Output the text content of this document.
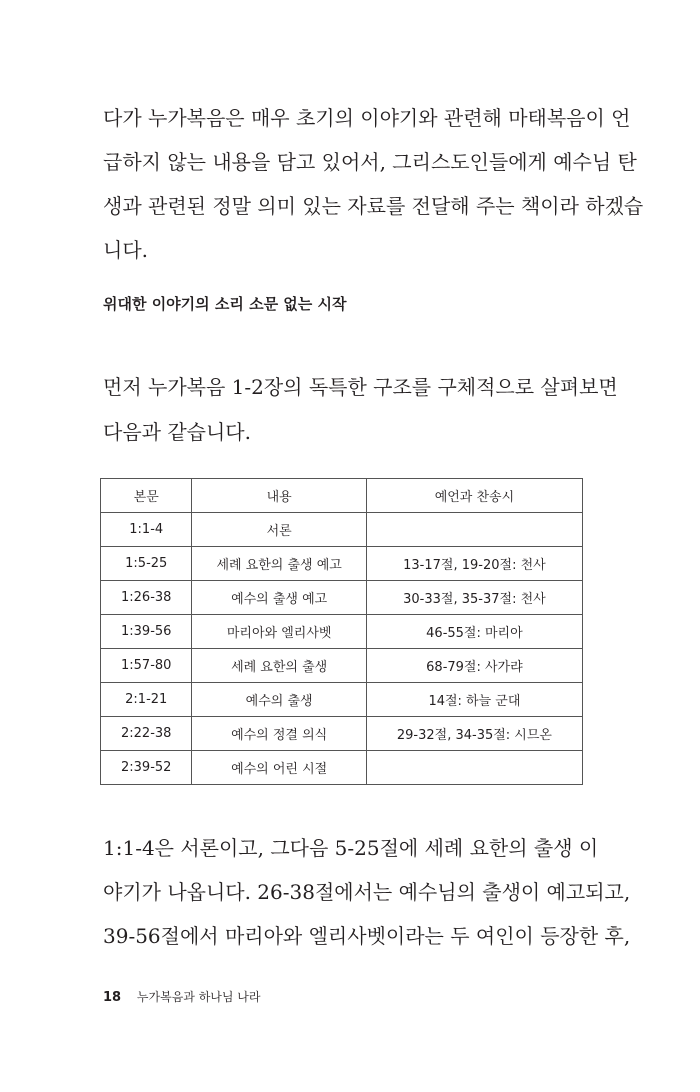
다가 누가복음은 매우 초기의 이야기와 관련해 마태복음이 언
급하지 않는 내용을 담고 있어서, 그리스도인들에게 예수님 탄
생과 관련된 정말 의미 있는 자료를 전달해 주는 책이라 하겠습
니다.
위대한 이야기의 소리 소문 없는 시작
먼저 누가복음 1-2장의 독특한 구조를 구체적으로 살펴보면
다음과 같습니다.
본문	내용	예언과 찬송시
1:1-4	서론	
1:5-25	세례 요한의 출생 예고	13-17절, 19-20절: 천사
1:26-38	예수의 출생 예고	30-33절, 35-37절: 천사
1:39-56	마리아와 엘리사벳	46-55절: 마리아
1:57-80	세례 요한의 출생	68-79절: 사가랴
2:1-21	예수의 출생	14절: 하늘 군대
2:22-38	예수의 정결 의식	29-32절, 34-35절: 시므온
2:39-52	예수의 어린 시절	
1:1-4은 서론이고, 그다음 5-25절에 세례 요한의 출생 이
야기가 나옵니다. 26-38절에서는 예수님의 출생이 예고되고,
39-56절에서 마리아와 엘리사벳이라는 두 여인이 등장한 후,
18 누가복음과 하나님 나라
